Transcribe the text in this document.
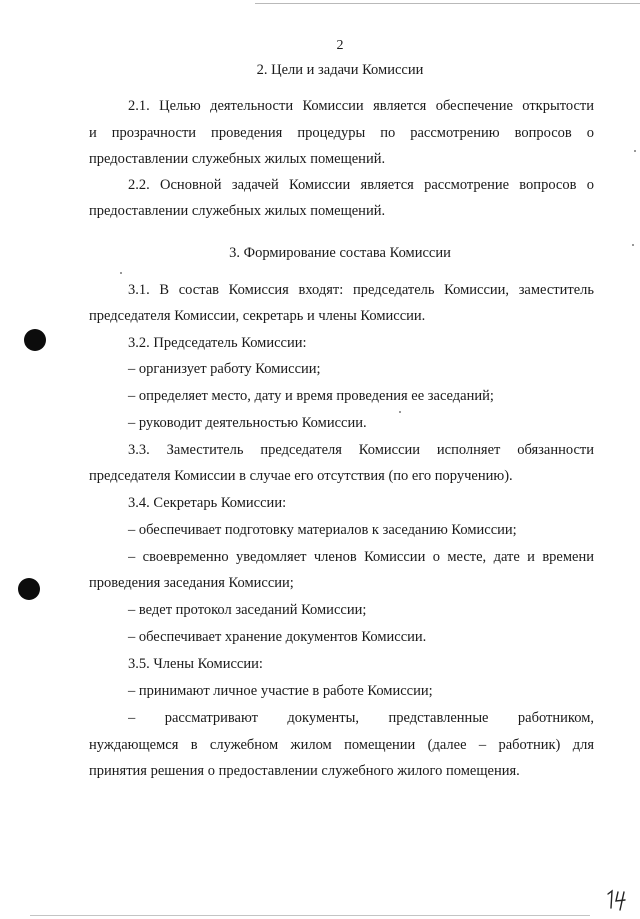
2
2. Цели и задачи Комиссии
2.1. Целью деятельности Комиссии является обеспечение открытости
и прозрачности проведения процедуры по рассмотрению вопросов о
предоставлении служебных жилых помещений.
2.2. Основной задачей Комиссии является рассмотрение вопросов о
предоставлении служебных жилых помещений.
3. Формирование состава Комиссии
3.1. В состав Комиссия входят: председатель Комиссии, заместитель
председателя Комиссии, секретарь и члены Комиссии.
3.2. Председатель Комиссии:
– организует работу Комиссии;
– определяет место, дату и время проведения ее заседаний;
– руководит деятельностью Комиссии.
3.3. Заместитель председателя Комиссии исполняет обязанности
председателя Комиссии в случае его отсутствия (по его поручению).
3.4. Секретарь Комиссии:
– обеспечивает подготовку материалов к заседанию Комиссии;
– своевременно уведомляет членов Комиссии о месте, дате и времени
проведения заседания Комиссии;
– ведет протокол заседаний Комиссии;
– обеспечивает хранение документов Комиссии.
3.5. Члены Комиссии:
– принимают личное участие в работе Комиссии;
– рассматривают документы, представленные работником,
нуждающемся в служебном жилом помещении (далее – работник) для
принятия решения о предоставлении служебного жилого помещения.
